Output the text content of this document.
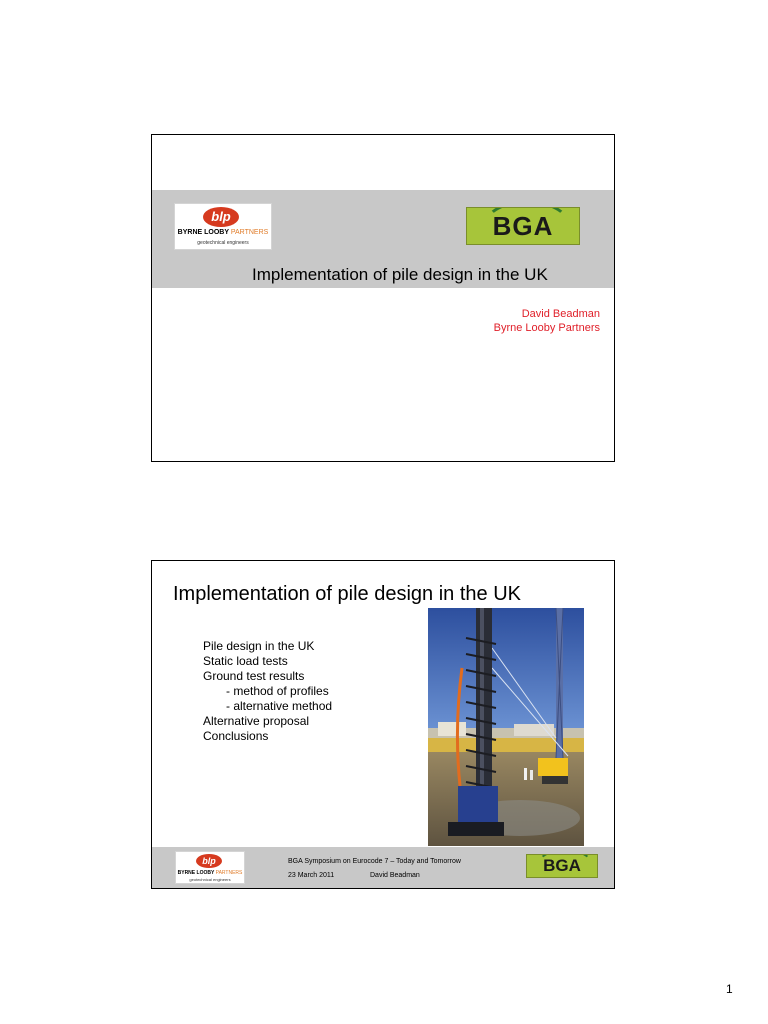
blp
BYRNE LOOBY PARTNERS
geotechnical engineers
BGA
Implementation of pile design in the UK
David Beadman
Byrne Looby Partners
Implementation of pile design in the UK
Pile design in the UK
Static load tests
Ground test results
- method of profiles
- alternative method
Alternative proposal
Conclusions
blp
BYRNE LOOBY PARTNERS
geotechnical engineers
BGA Symposium on Eurocode 7 – Today and Tomorrow
23 March 2011	David Beadman
BGA
1
